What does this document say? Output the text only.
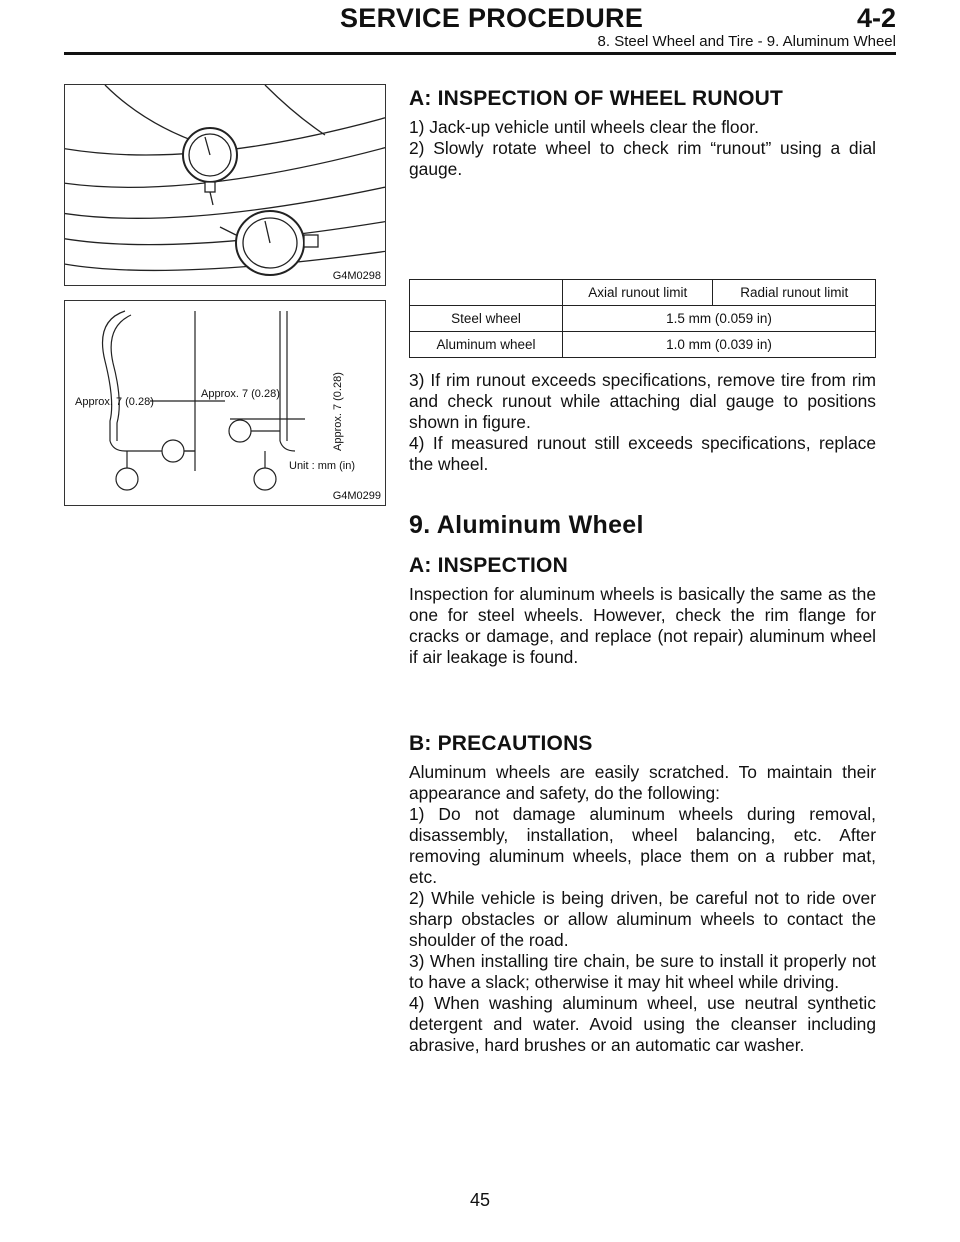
SERVICE PROCEDURE	4-2
8. Steel Wheel and Tire - 9. Aluminum Wheel
G4M0298
Approx. 7 (0.28)
Approx. 7 (0.28)	Approx. 7 (0.28)
Unit : mm (in)
G4M0299
A: INSPECTION OF WHEEL RUNOUT

1) Jack-up vehicle until wheels clear the floor.

2) Slowly rotate wheel to check rim “runout” using a dial gauge.

	Axial runout limit	Radial runout limit
Steel wheel	1.5 mm (0.059 in)	
Aluminum wheel	1.0 mm (0.039 in)	

3) If rim runout exceeds specifications, remove tire from rim and check runout while attaching dial gauge to positions shown in figure.

4) If measured runout still exceeds specifications, replace the wheel.

9. Aluminum Wheel
A: INSPECTION

Inspection for aluminum wheels is basically the same as the one for steel wheels. However, check the rim flange for cracks or damage, and replace (not repair) aluminum wheel if air leakage is found.

B: PRECAUTIONS

Aluminum wheels are easily scratched. To maintain their appearance and safety, do the following:

1) Do not damage aluminum wheels during removal, disassembly, installation, wheel balancing, etc. After removing aluminum wheels, place them on a rubber mat, etc.

2) While vehicle is being driven, be careful not to ride over sharp obstacles or allow aluminum wheels to contact the shoulder of the road.

3) When installing tire chain, be sure to install it properly not to have a slack; otherwise it may hit wheel while driving.

4) When washing aluminum wheel, use neutral synthetic detergent and water. Avoid using the cleanser including abrasive, hard brushes or an automatic car washer.

45
